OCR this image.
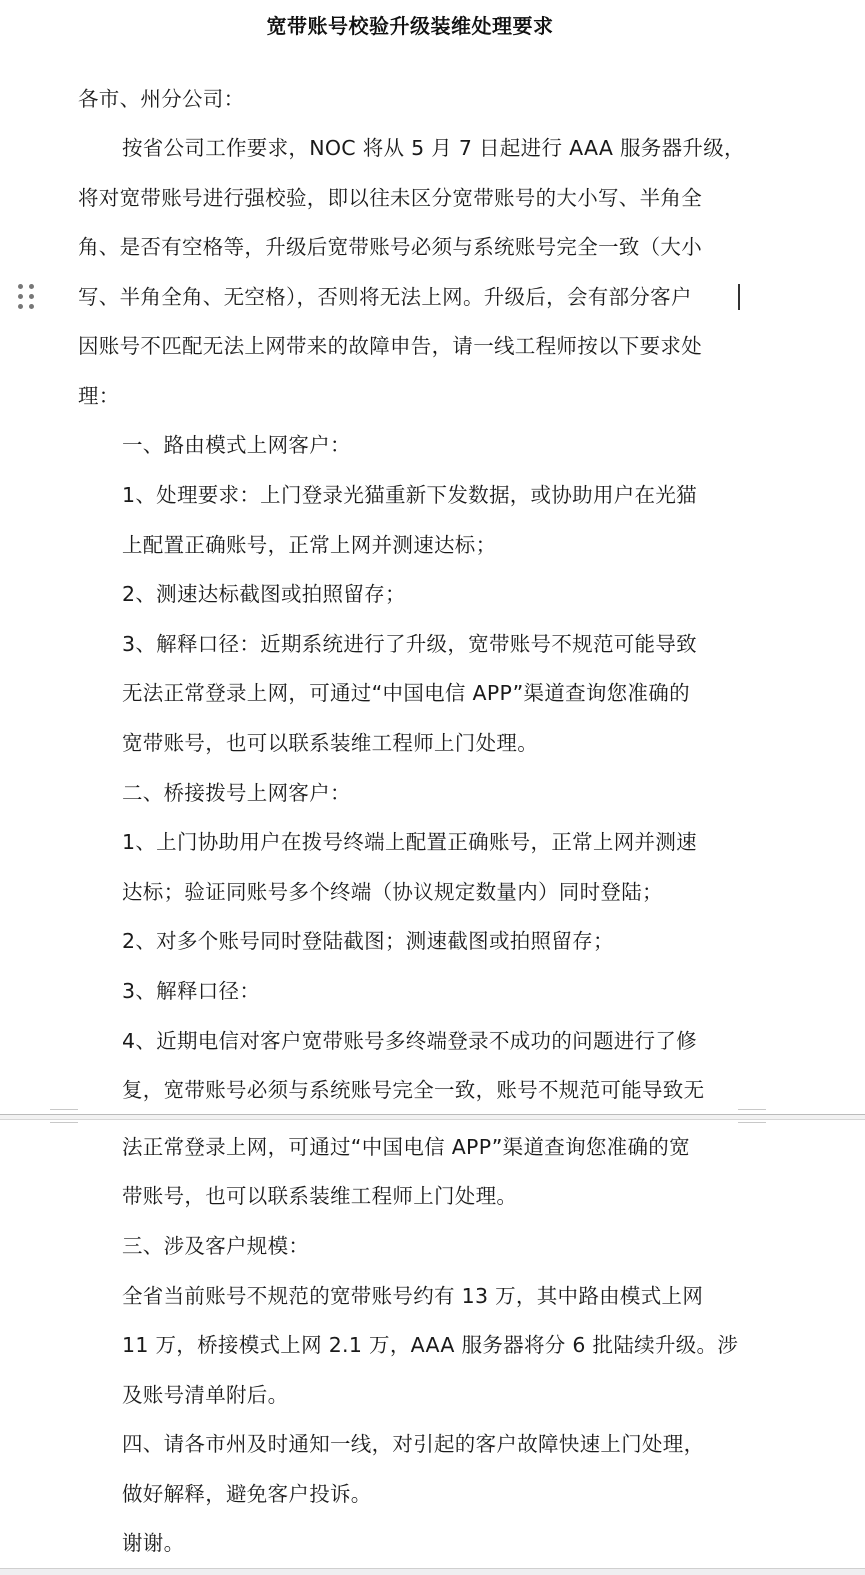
宽带账号校验升级装维处理要求
各市、州分公司：
按省公司工作要求，NOC 将从 5 月 7 日起进行 AAA 服务器升级，
将对宽带账号进行强校验，即以往未区分宽带账号的大小写、半角全
角、是否有空格等，升级后宽带账号必须与系统账号完全一致（大小
写、半角全角、无空格），否则将无法上网。升级后，会有部分客户
因账号不匹配无法上网带来的故障申告，请一线工程师按以下要求处
理：
一、路由模式上网客户：
1、处理要求：上门登录光猫重新下发数据，或协助用户在光猫
上配置正确账号，正常上网并测速达标；
2、测速达标截图或拍照留存；
3、解释口径：近期系统进行了升级，宽带账号不规范可能导致
无法正常登录上网，可通过“中国电信 APP”渠道查询您准确的
宽带账号，也可以联系装维工程师上门处理。
二、桥接拨号上网客户：
1、上门协助用户在拨号终端上配置正确账号，正常上网并测速
达标；验证同账号多个终端（协议规定数量内）同时登陆；
2、对多个账号同时登陆截图；测速截图或拍照留存；
3、解释口径：
4、近期电信对客户宽带账号多终端登录不成功的问题进行了修
复，宽带账号必须与系统账号完全一致，账号不规范可能导致无
法正常登录上网，可通过“中国电信 APP”渠道查询您准确的宽
带账号，也可以联系装维工程师上门处理。
三、涉及客户规模：
全省当前账号不规范的宽带账号约有 13 万，其中路由模式上网
11 万，桥接模式上网 2.1 万，AAA 服务器将分 6 批陆续升级。涉
及账号清单附后。
四、请各市州及时通知一线，对引起的客户故障快速上门处理，
做好解释，避免客户投诉。
谢谢。
